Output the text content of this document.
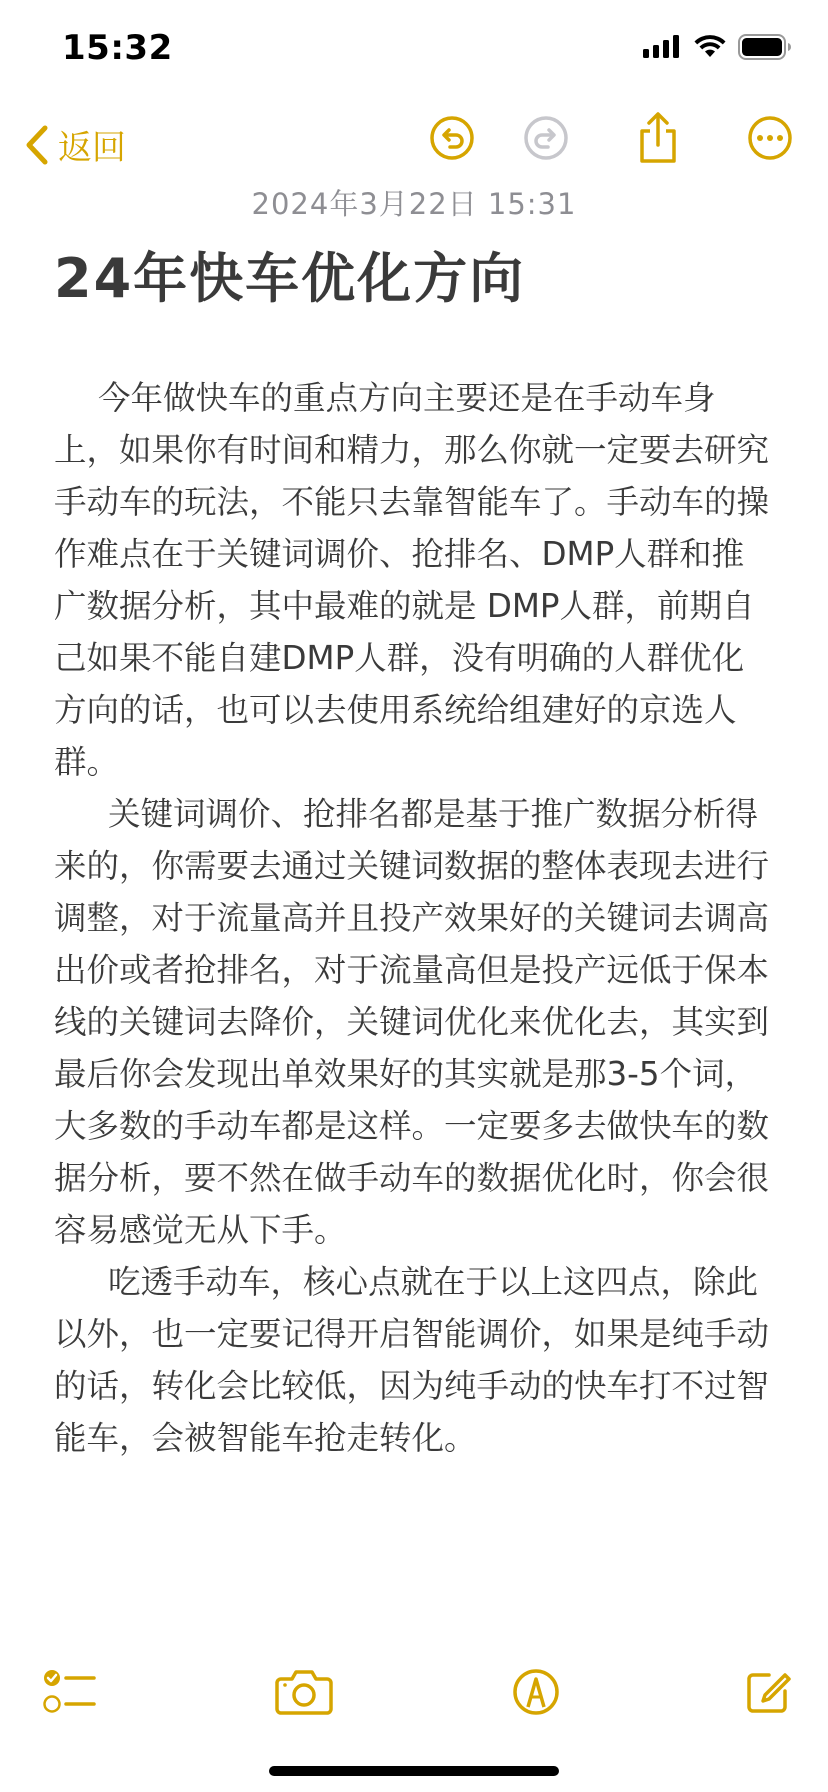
15:32
返回
2024年3月22日 15:31
24年快车优化方向

今年做快车的重点方向主要还是在手动车身上，如果你有时间和精力，那么你就一定要去研究手动车的玩法，不能只去靠智能车了。手动车的操作难点在于关键词调价、抢排名、DMP人群和推广数据分析，其中最难的就是 DMP人群，前期自己如果不能自建DMP人群，没有明确的人群优化方向的话，也可以去使用系统给组建好的京选人群。

关键词调价、抢排名都是基于推广数据分析得来的，你需要去通过关键词数据的整体表现去进行调整，对于流量高并且投产效果好的关键词去调高出价或者抢排名，对于流量高但是投产远低于保本线的关键词去降价，关键词优化来优化去，其实到最后你会发现出单效果好的其实就是那3-5个词，大多数的手动车都是这样。一定要多去做快车的数据分析，要不然在做手动车的数据优化时，你会很容易感觉无从下手。

吃透手动车，核心点就在于以上这四点，除此以外，也一定要记得开启智能调价，如果是纯手动的话，转化会比较低，因为纯手动的快车打不过智能车，会被智能车抢走转化。
